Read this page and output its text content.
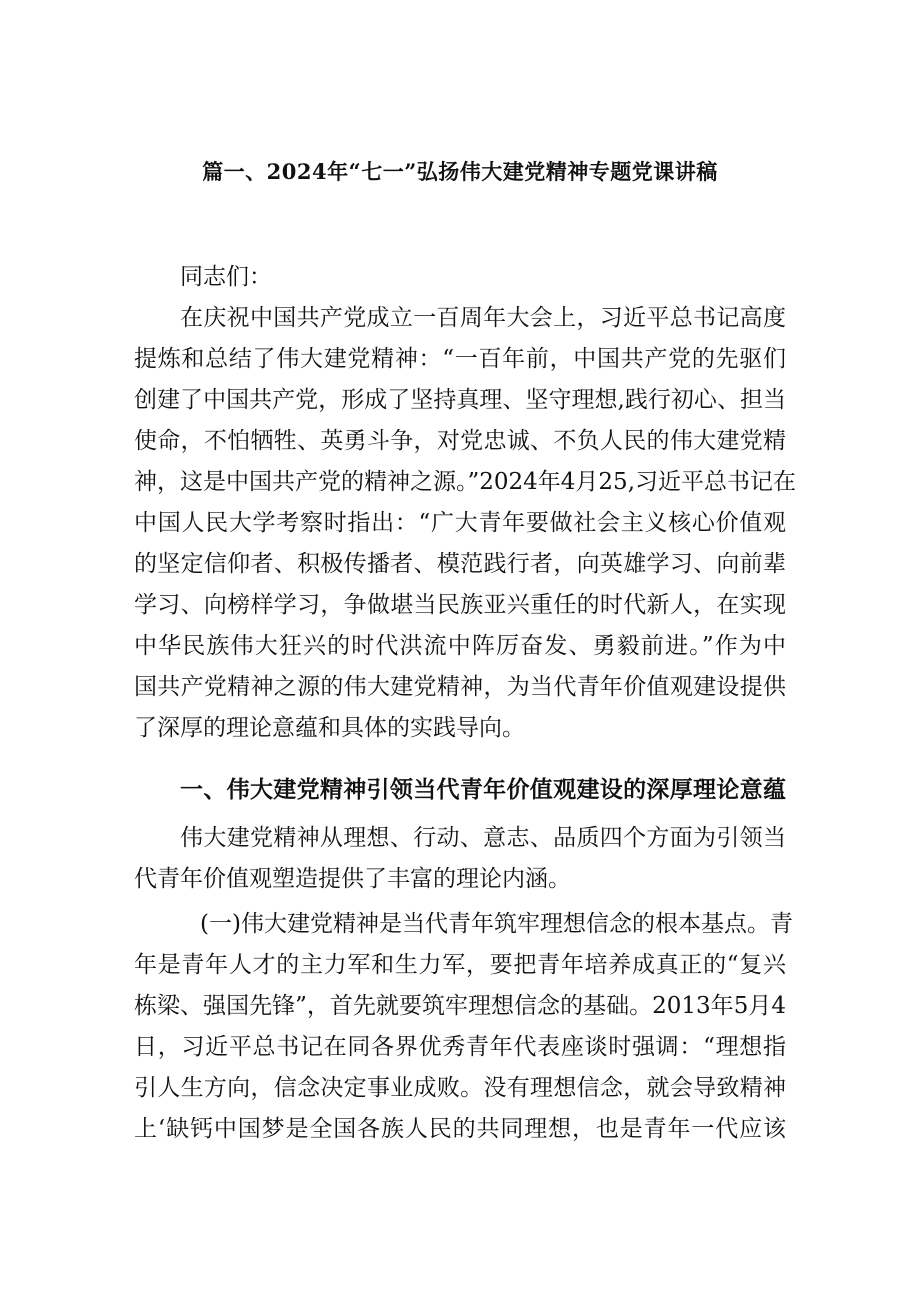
篇一、2024年“七一”弘扬伟大建党精神专题党课讲稿
同志们：
在庆祝中国共产党成立一百周年大会上，习近平总书记高度
提炼和总结了伟大建党精神：“一百年前，中国共产党的先驱们
创建了中国共产党，形成了坚持真理、坚守理想,践行初心、担当
使命，不怕牺牲、英勇斗争，对党忠诚、不负人民的伟大建党精
神，这是中国共产党的精神之源。”2024年4月25,习近平总书记在
中国人民大学考察时指出：“广大青年要做社会主义核心价值观
的坚定信仰者、积极传播者、模范践行者，向英雄学习、向前辈
学习、向榜样学习，争做堪当民族亚兴重任的时代新人，在实现
中华民族伟大狂兴的时代洪流中阵厉奋发、勇毅前进。”作为中
国共产党精神之源的伟大建党精神，为当代青年价值观建设提供
了深厚的理论意蕴和具体的实践导向。
一、伟大建党精神引领当代青年价值观建设的深厚理论意蕴
伟大建党精神从理想、行动、意志、品质四个方面为引领当
代青年价值观塑造提供了丰富的理论内涵。
(一)伟大建党精神是当代青年筑牢理想信念的根本基点。青
年是青年人才的主力军和生力军，要把青年培养成真正的“复兴
栋梁、强国先锋”，首先就要筑牢理想信念的基础。2013年5月4
日，习近平总书记在同各界优秀青年代表座谈时强调：“理想指
引人生方向，信念决定事业成败。没有理想信念，就会导致精神
上‘缺钙中国梦是全国各族人民的共同理想，也是青年一代应该
